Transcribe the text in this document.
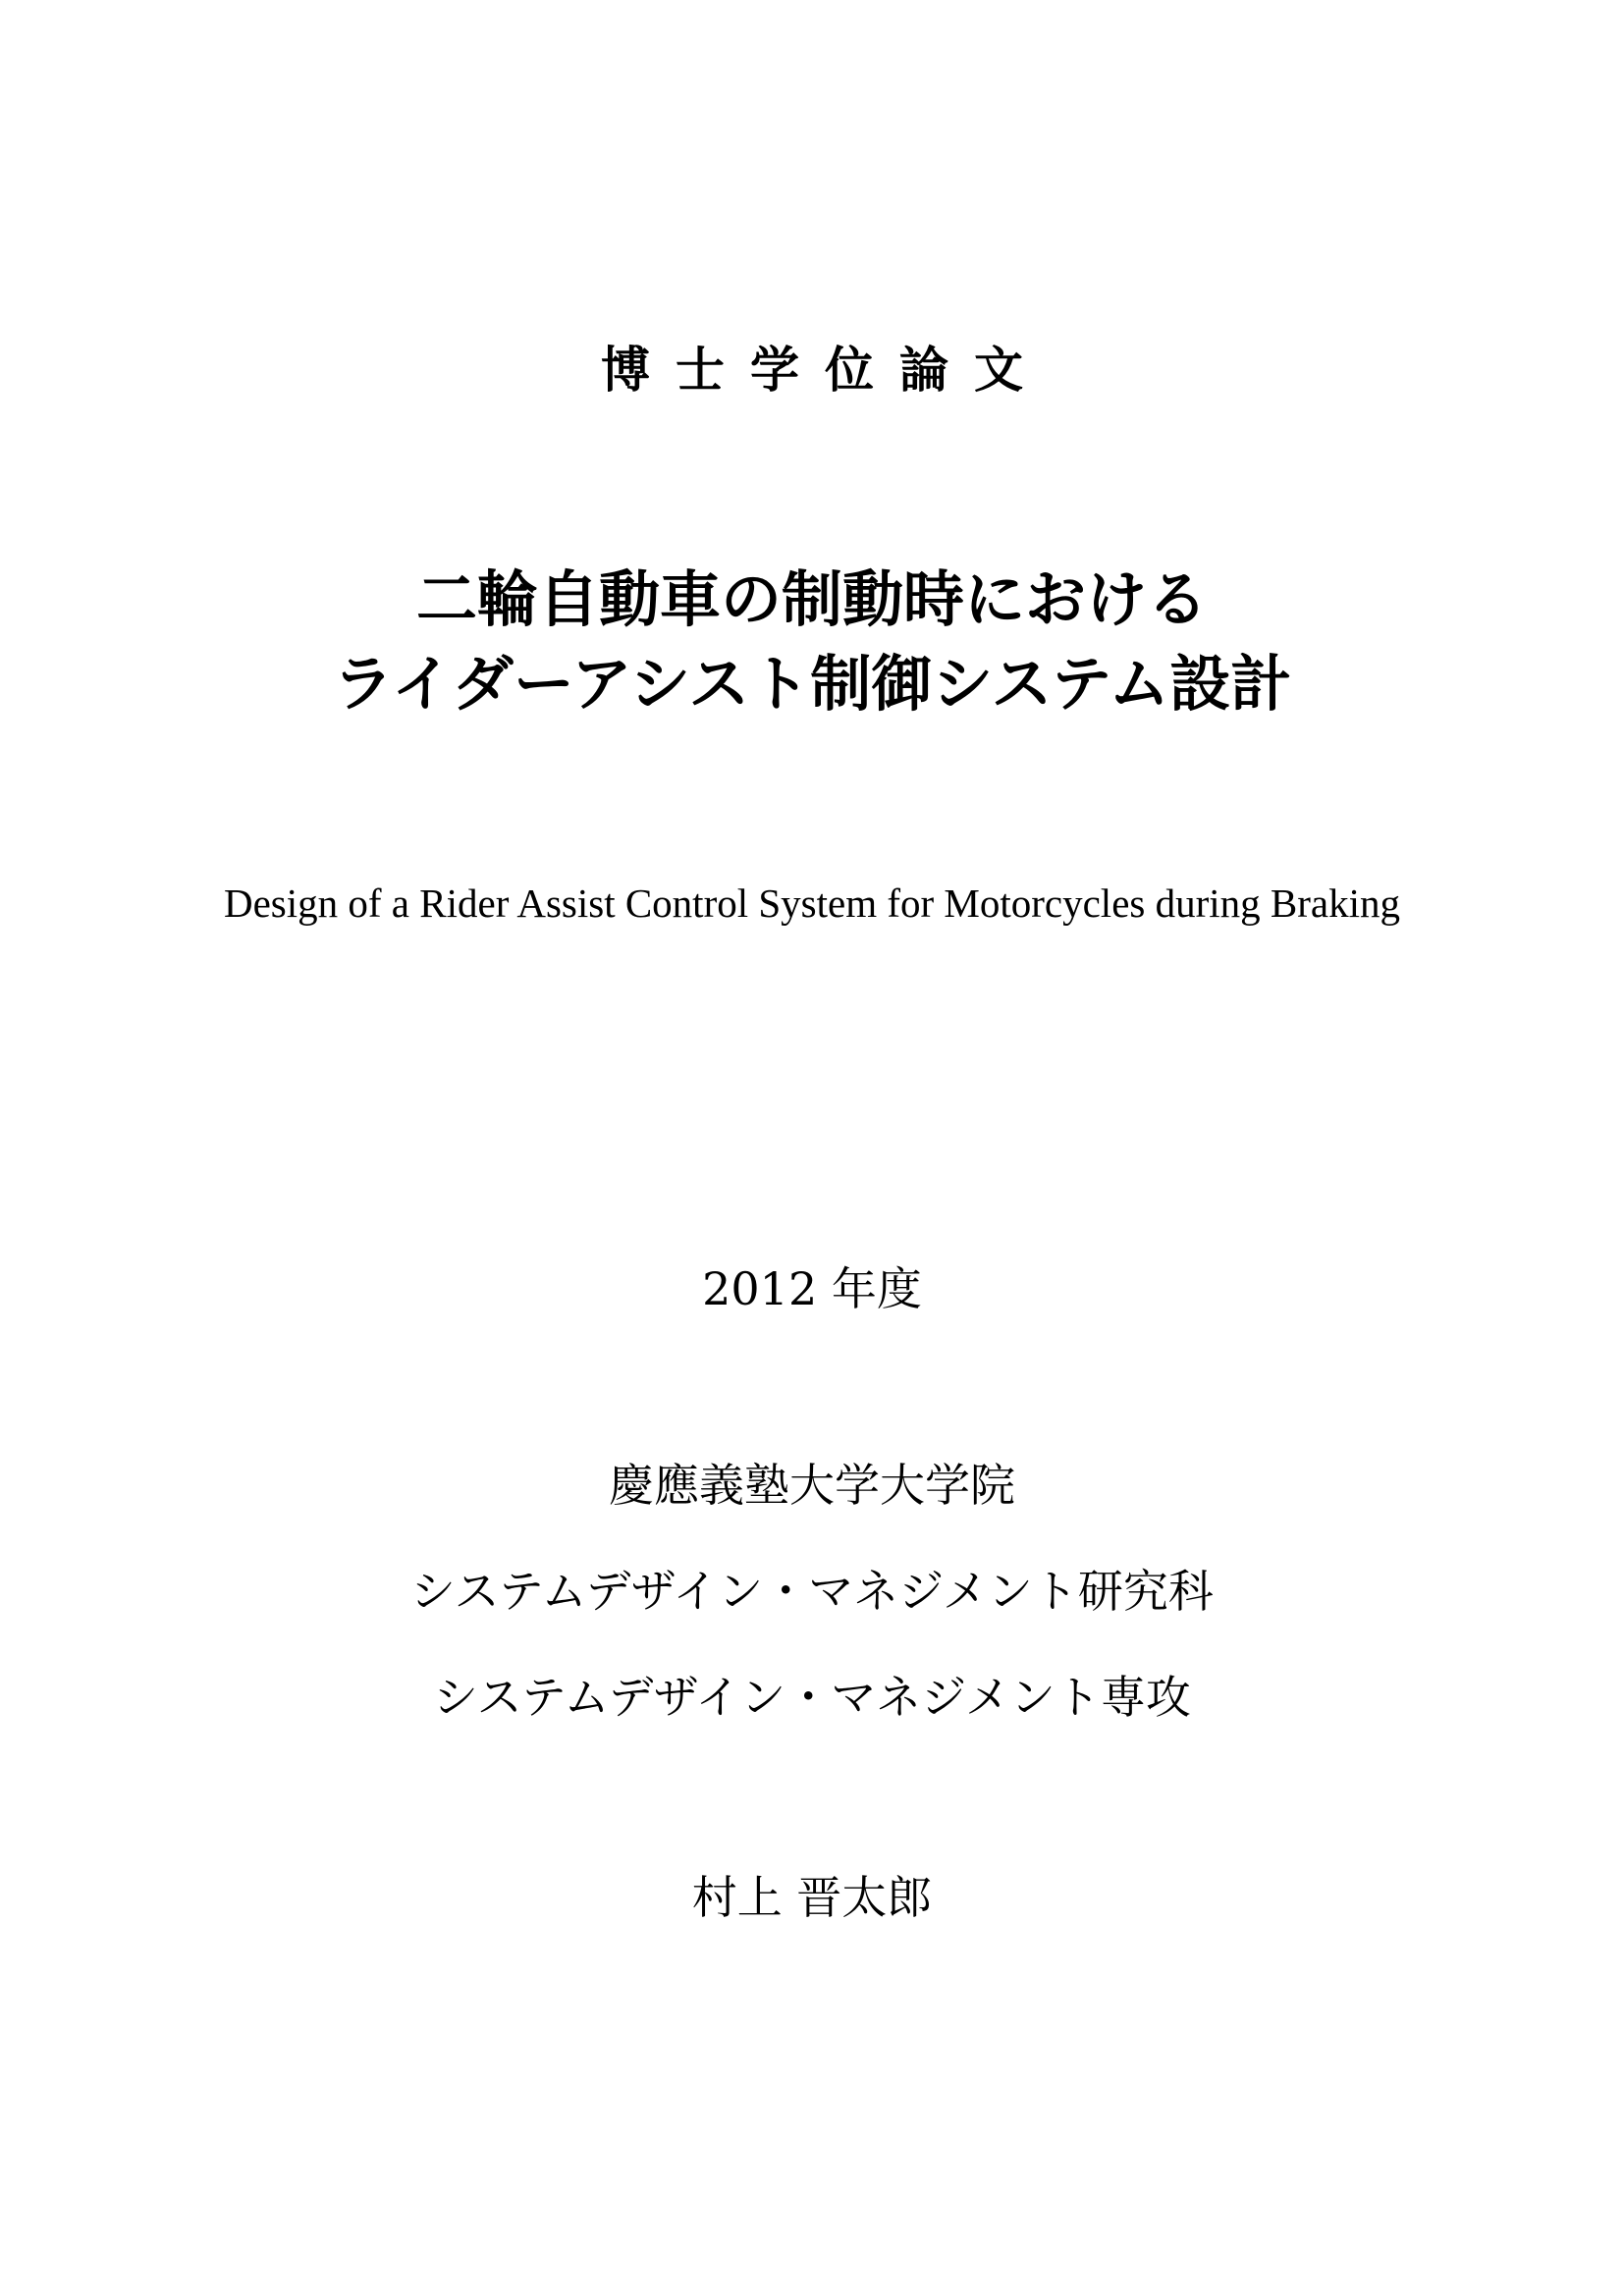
博士学位論文
二輪自動車の制動時における
ライダーアシスト制御システム設計
Design of a Rider Assist Control System for Motorcycles during Braking
2012 年度
慶應義塾大学大学院
システムデザイン・マネジメント研究科
システムデザイン・マネジメント専攻
村上 晋太郎
